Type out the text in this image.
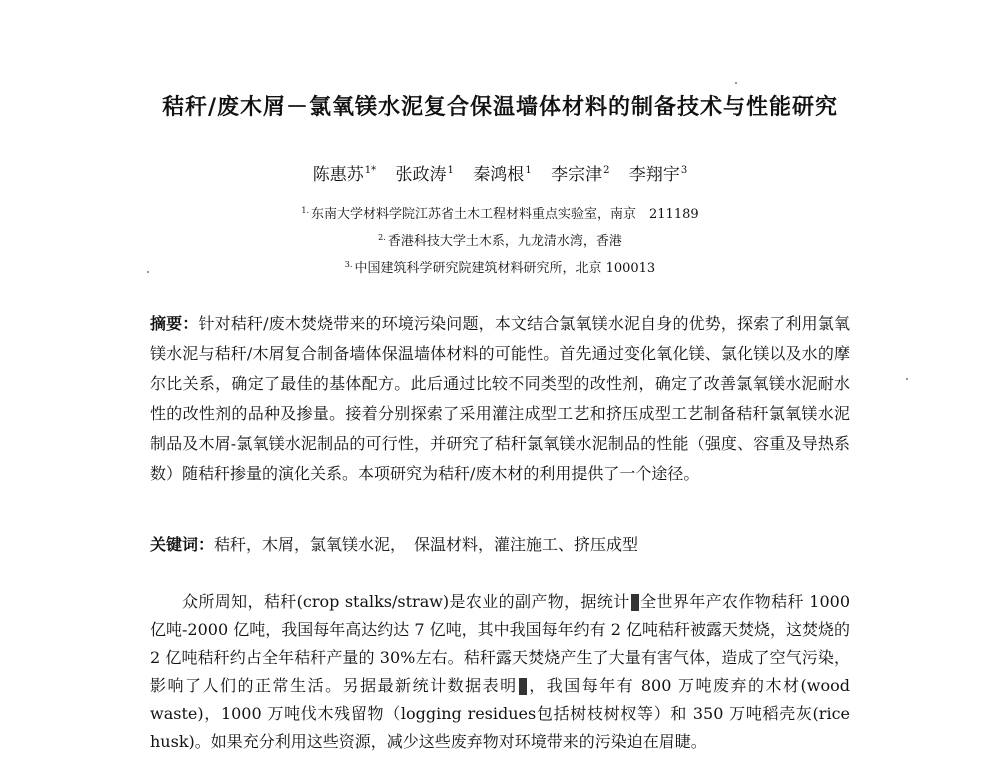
秸秆/废木屑－氯氧镁水泥复合保温墙体材料的制备技术与性能研究
陈惠苏$^{1*}$ 张政涛$^1$ 秦鸿根$^1$ 李宗津$^2$ 李翔宇$^3$
$^{1.}$ 东南大学材料学院江苏省土木工程材料重点实验室，南京　211189
$^{2.}$ 香港科技大学土木系，九龙清水湾，香港
$^{3.}$ 中国建筑科学研究院建筑材料研究所，北京 100013
摘要：针对秸秆/废木焚烧带来的环境污染问题，本文结合氯氧镁水泥自身的优势，探索了利用氯氧镁水泥与秸秆/木屑复合制备墙体保温墙体材料的可能性。首先通过变化氧化镁、氯化镁以及水的摩尔比关系，确定了最佳的基体配方。此后通过比较不同类型的改性剂，确定了改善氯氧镁水泥耐水性的改性剂的品种及掺量。接着分别探索了采用灌注成型工艺和挤压成型工艺制备秸秆氯氧镁水泥制品及木屑-氯氧镁水泥制品的可行性，并研究了秸秆氯氧镁水泥制品的性能（强度、容重及导热系数）随秸秆掺量的演化关系。本项研究为秸秆/废木材的利用提供了一个途径。
关键词：秸秆，木屑，氯氧镁水泥，　保温材料，灌注施工、挤压成型
众所周知，秸秆(crop stalks/straw)是农业的副产物，据统计 全世界年产农作物秸秆 1000 亿吨-2000 亿吨，我国每年高达约达 7 亿吨，其中我国每年约有 2 亿吨秸秆被露天焚烧，这焚烧的 2 亿吨秸秆约占全年秸秆产量的 30%左右。秸秆露天焚烧产生了大量有害气体，造成了空气污染，影响了人们的正常生活。另据最新统计数据表明 ，我国每年有 800 万吨废弃的木材(wood waste)，1000 万吨伐木残留物（logging residues包括树枝树杈等）和 350 万吨稻壳灰(rice husk)。如果充分利用这些资源，减少这些废弃物对环境带来的污染迫在眉睫。
